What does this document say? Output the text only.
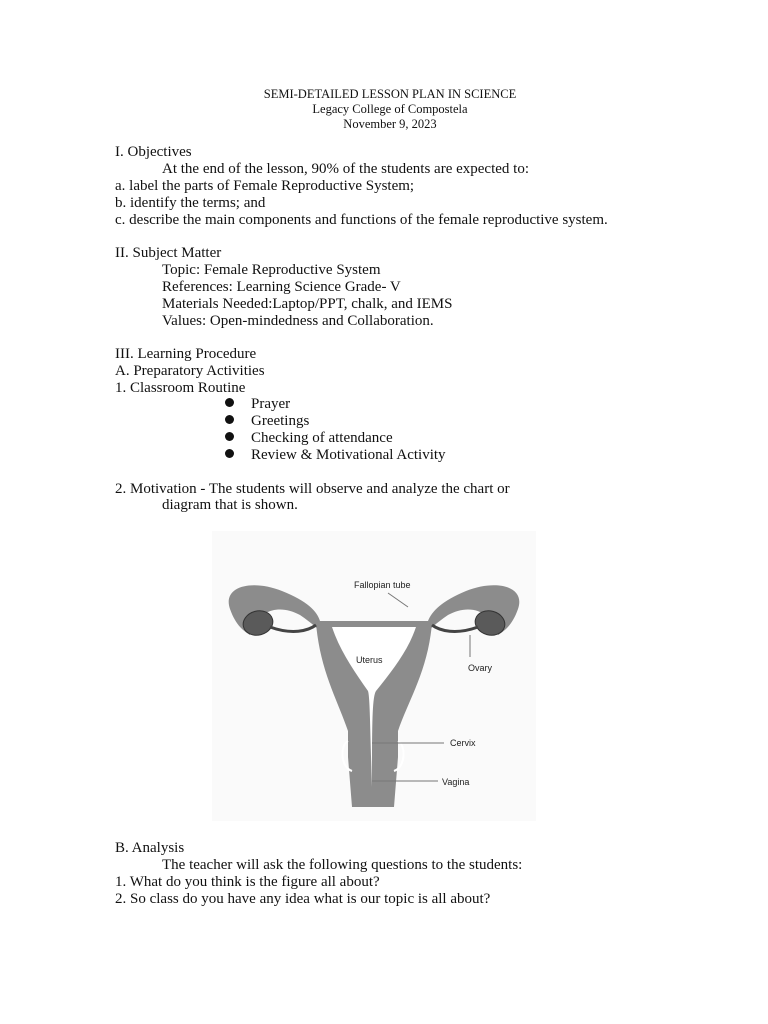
SEMI-DETAILED LESSON PLAN IN SCIENCE
Legacy College of Compostela
November 9, 2023
I. Objectives
At the end of the lesson, 90% of the students are expected to:
a. label the parts of Female Reproductive System;
b. identify the terms; and
c. describe the main components and functions of the female reproductive system.
II. Subject Matter
Topic: Female Reproductive System
References: Learning Science Grade- V
Materials Needed:Laptop/PPT, chalk, and IEMS
Values: Open-mindedness and Collaboration.
III. Learning Procedure
A. Preparatory Activities
1. Classroom Routine
Prayer
Greetings
Checking of attendance
Review & Motivational Activity
2. Motivation - The students will observe and analyze the chart or
diagram that is shown.
Fallopian tube
Uterus
Ovary
Cervix
Vagina
B. Analysis
The teacher will ask the following questions to the students:
1. What do you think is the figure all about?
2. So class do you have any idea what is our topic is all about?
